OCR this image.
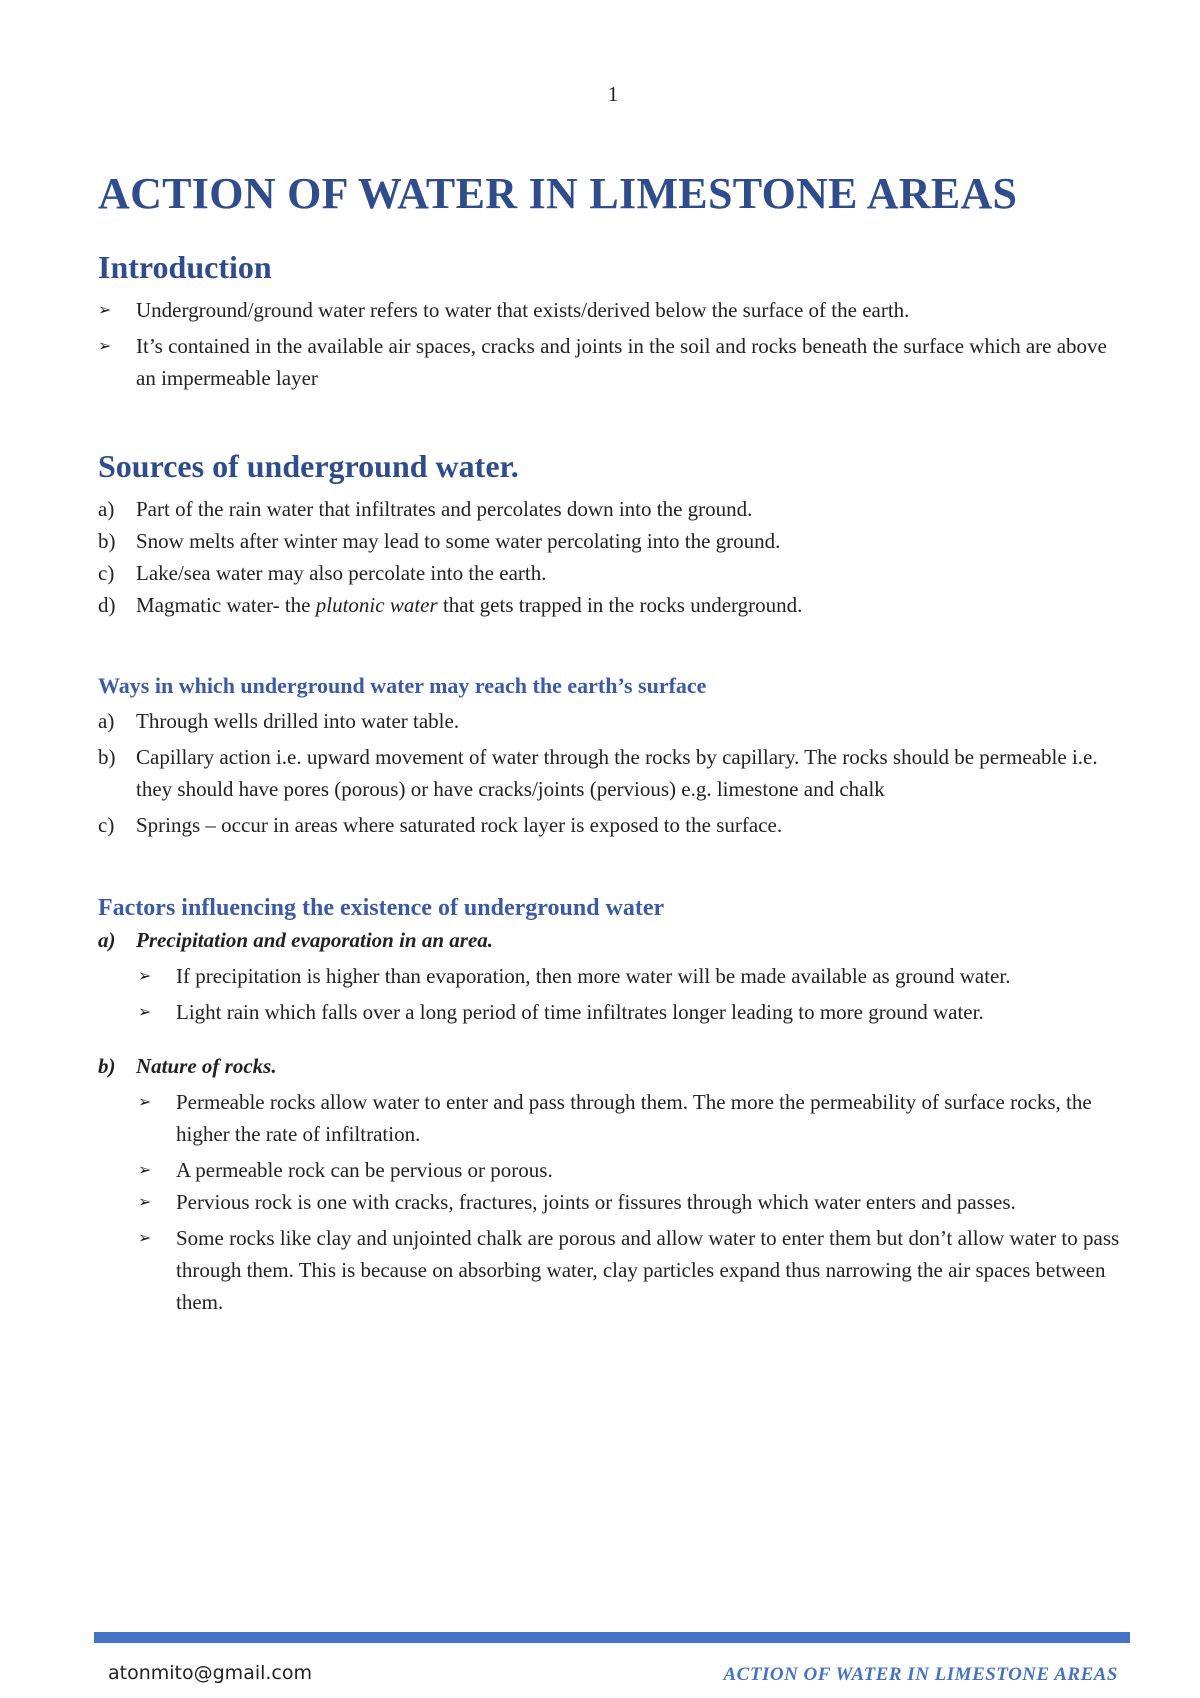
1
ACTION OF WATER IN LIMESTONE AREAS
Introduction
➢	Underground/ground water refers to water that exists/derived below the surface of the earth.
➢	It’s contained in the available air spaces, cracks and joints in the soil and rocks beneath the surface which are above an impermeable layer
Sources of underground water.
a)	Part of the rain water that infiltrates and percolates down into the ground.
b) Snow melts after winter may lead to some water percolating into the ground.
c)	Lake/sea water may also percolate into the earth.
d) Magmatic water- the plutonic water that gets trapped in the rocks underground.
Ways in which underground water may reach the earth’s surface
a)	Through wells drilled into water table.
b) Capillary action i.e. upward movement of water through the rocks by capillary. The rocks should be permeable i.e. they should have pores (porous) or have cracks/joints (pervious) e.g. limestone and chalk
c)	Springs – occur in areas where saturated rock layer is exposed to the surface.
Factors influencing the existence of underground water
a) Precipitation and evaporation in an area.
➢	If precipitation is higher than evaporation, then more water will be made available as ground water.
➢	Light rain which falls over a long period of time infiltrates longer leading to more ground water.
b) Nature of rocks.
➢	Permeable rocks allow water to enter and pass through them. The more the permeability of surface rocks, the higher the rate of infiltration.
➢	A permeable rock can be pervious or porous.
➢	Pervious rock is one with cracks, fractures, joints or fissures through which water enters and passes.
➢	Some rocks like clay and unjointed chalk are porous and allow water to enter them but don’t allow water to pass through them. This is because on absorbing water, clay particles expand thus narrowing the air spaces between them.
atonmito@gmail.com	ACTION OF WATER IN LIMESTONE AREAS
